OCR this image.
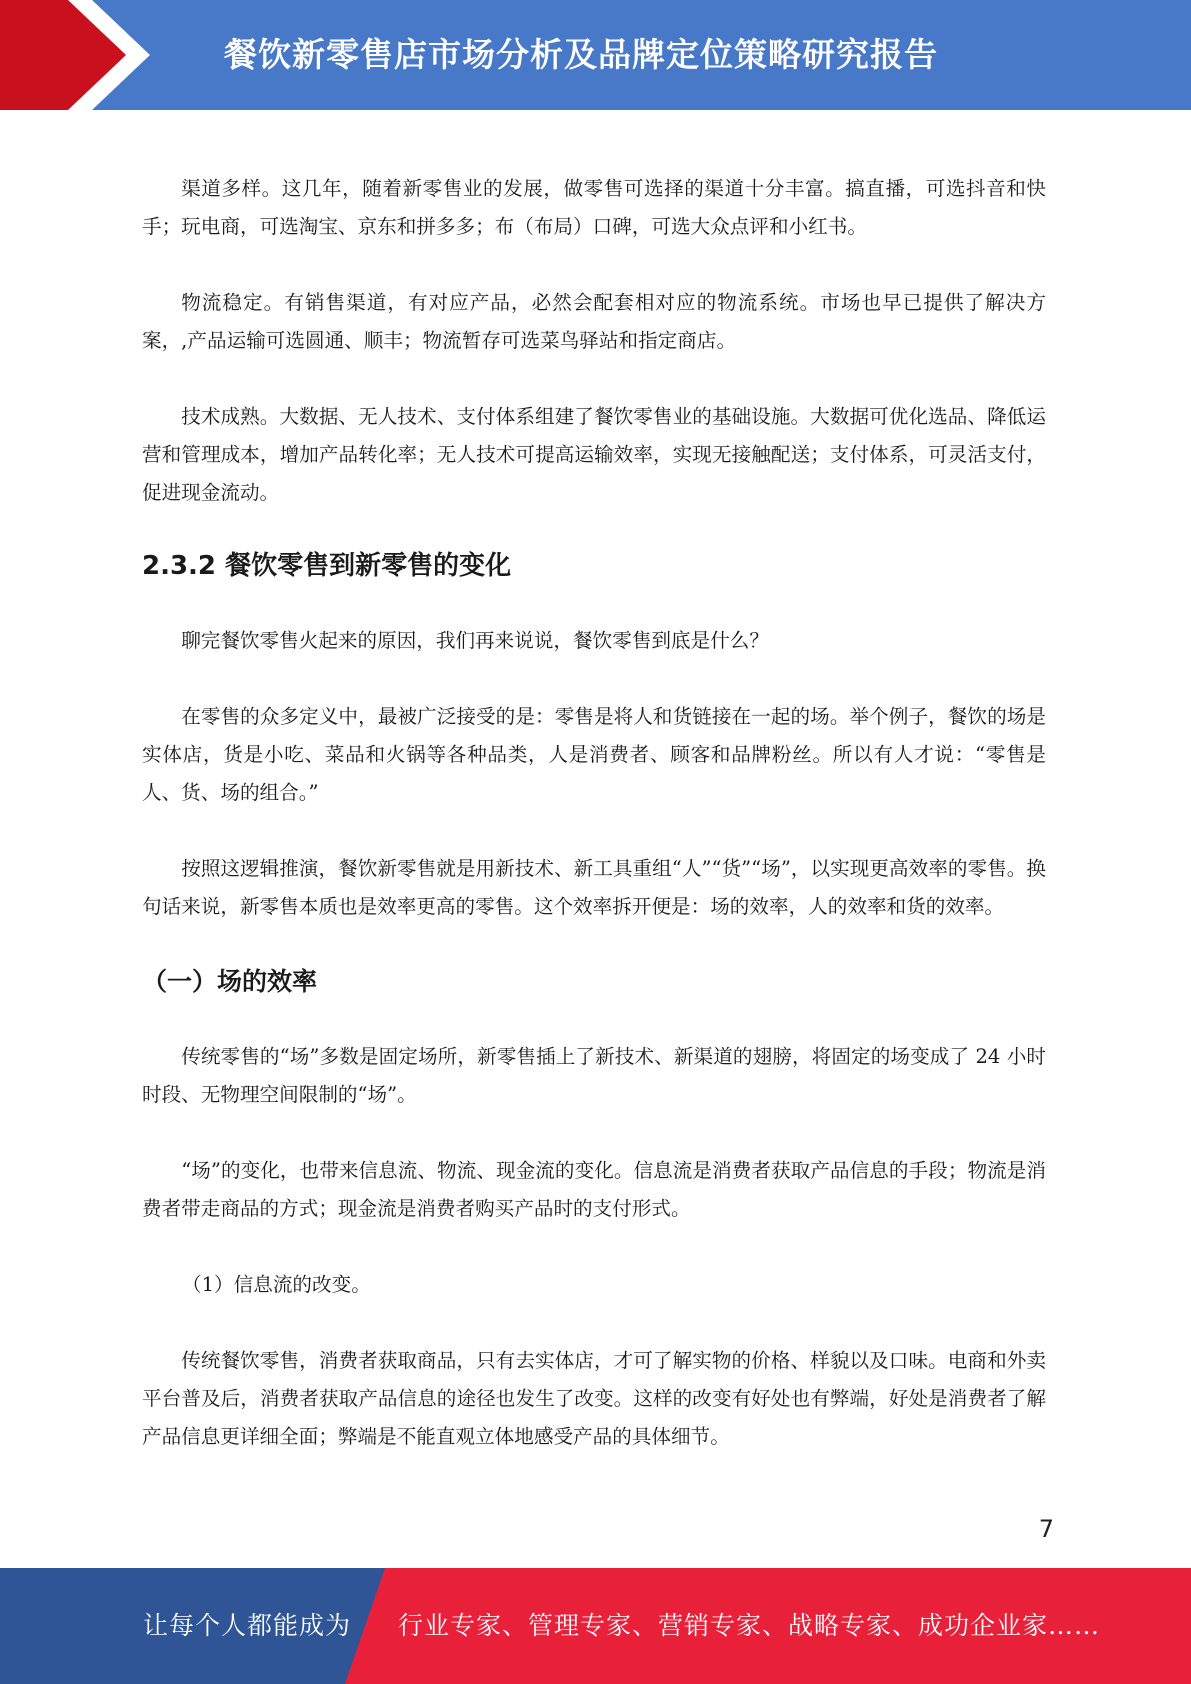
餐饮新零售店市场分析及品牌定位策略研究报告

渠道多样。这几年，随着新零售业的发展，做零售可选择的渠道十分丰富。搞直播，可选抖音和快手；玩电商，可选淘宝、京东和拼多多；布（布局）口碑，可选大众点评和小红书。

物流稳定。有销售渠道，有对应产品，必然会配套相对应的物流系统。市场也早已提供了解决方案，,产品运输可选圆通、顺丰；物流暂存可选菜鸟驿站和指定商店。

技术成熟。大数据、无人技术、支付体系组建了餐饮零售业的基础设施。大数据可优化选品、降低运营和管理成本，增加产品转化率；无人技术可提高运输效率，实现无接触配送；支付体系，可灵活支付，促进现金流动。

2.3.2 餐饮零售到新零售的变化

聊完餐饮零售火起来的原因，我们再来说说，餐饮零售到底是什么？

在零售的众多定义中，最被广泛接受的是：零售是将人和货链接在一起的场。举个例子，餐饮的场是实体店，货是小吃、菜品和火锅等各种品类，人是消费者、顾客和品牌粉丝。所以有人才说：“零售是人、货、场的组合。”

按照这逻辑推演，餐饮新零售就是用新技术、新工具重组“人”“货”“场”，以实现更高效率的零售。换句话来说，新零售本质也是效率更高的零售。这个效率拆开便是：场的效率，人的效率和货的效率。

（一）场的效率

传统零售的“场”多数是固定场所，新零售插上了新技术、新渠道的翅膀，将固定的场变成了 24 小时时段、无物理空间限制的“场”。

“场”的变化，也带来信息流、物流、现金流的变化。信息流是消费者获取产品信息的手段；物流是消费者带走商品的方式；现金流是消费者购买产品时的支付形式。

（1）信息流的改变。

传统餐饮零售，消费者获取商品，只有去实体店，才可了解实物的价格、样貌以及口味。电商和外卖平台普及后，消费者获取产品信息的途径也发生了改变。这样的改变有好处也有弊端，好处是消费者了解产品信息更详细全面；弊端是不能直观立体地感受产品的具体细节。

7
让每个人都能成为 行业专家、管理专家、营销专家、战略专家、成功企业家……
